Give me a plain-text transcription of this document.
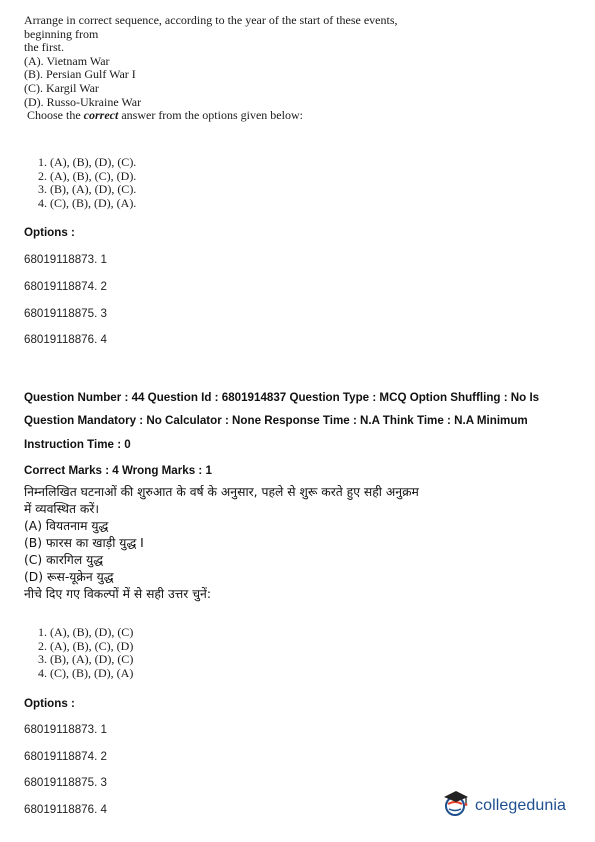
Arrange in correct sequence, according to the year of the start of these events,
beginning from
the first.
(A). Vietnam War
(B). Persian Gulf War I
(C). Kargil War
(D). Russo-Ukraine War
Choose the correct answer from the options given below:
1. (A), (B), (D), (C).
2. (A), (B), (C), (D).
3. (B), (A), (D), (C).
4. (C), (B), (D), (A).
Options :
68019118873. 1
68019118874. 2
68019118875. 3
68019118876. 4
Question Number : 44 Question Id : 6801914837 Question Type : MCQ Option Shuffling : No Is
Question Mandatory : No Calculator : None Response Time : N.A Think Time : N.A Minimum
Instruction Time : 0
Correct Marks : 4 Wrong Marks : 1
निम्नलिखित घटनाओं की शुरुआत के वर्ष के अनुसार, पहले से शुरू करते हुए सही अनुक्रम
में व्यवस्थित करें।
(A) वियतनाम युद्ध
(B) फारस का खाड़ी युद्ध I
(C) कारगिल युद्ध
(D) रूस-यूक्रेन युद्ध
नीचे दिए गए विकल्पों में से सही उत्तर चुनें:
1. (A), (B), (D), (C)
2. (A), (B), (C), (D)
3. (B), (A), (D), (C)
4. (C), (B), (D), (A)
Options :
68019118873. 1
68019118874. 2
68019118875. 3
68019118876. 4	collegedunia
